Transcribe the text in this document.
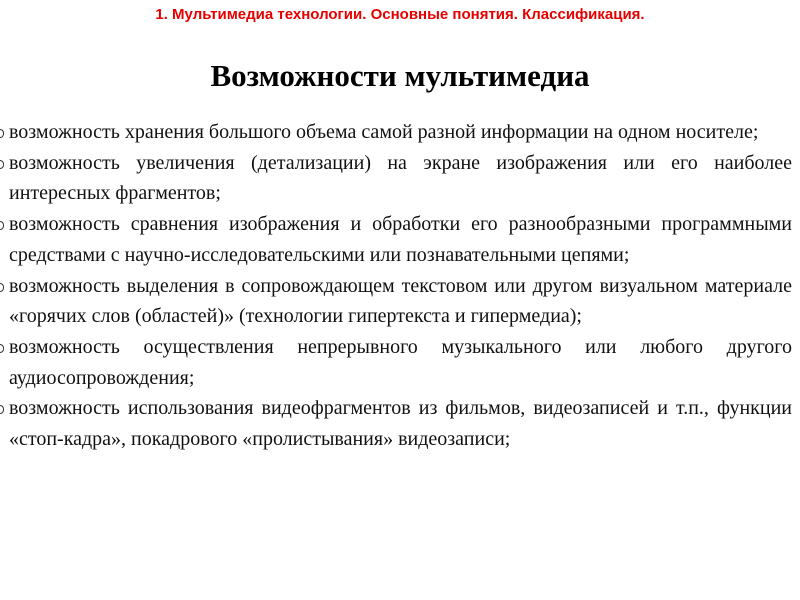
1. Мультимедиа технологии. Основные понятия. Классификация.
Возможности мультимедиа
возможность хранения большого объема самой разной информации на одном носителе;
возможность увеличения (детализации) на экране изображения или его наиболее интересных фрагментов;
возможность сравнения изображения и обработки его разнообразными программными средствами с научно-исследовательскими или познавательными цепями;
возможность выделения в сопровождающем текстовом или другом визуальном материале «горячих слов (областей)» (технологии гипертекста и гипермедиа);
возможность осуществления непрерывного музыкального или любого другого аудиосопровождения;
возможность использования видеофрагментов из фильмов, видеозаписей и т.п., функции «стоп-кадра», покадрового «пролистывания» видеозаписи;
